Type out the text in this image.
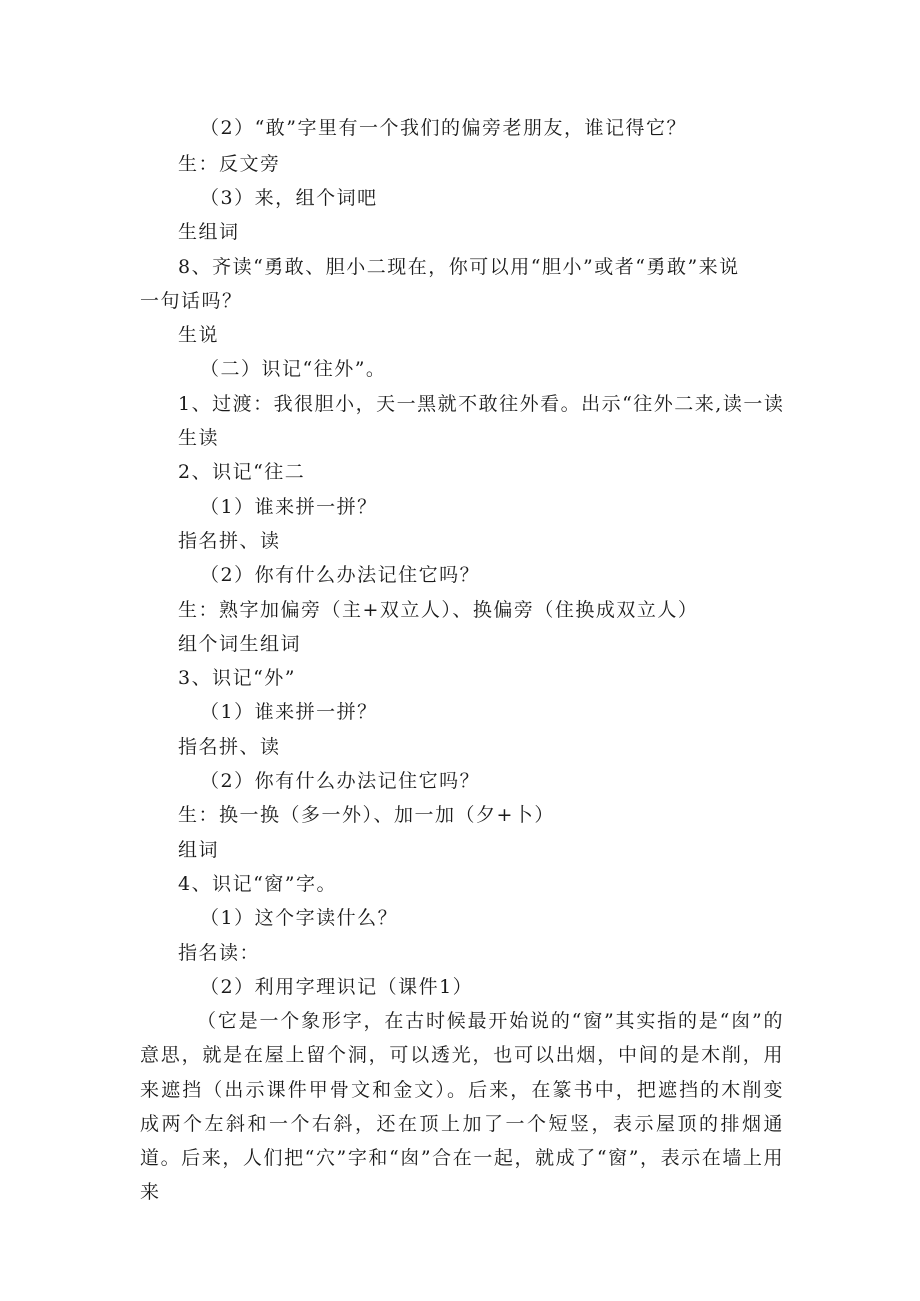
（2）“敢”字里有一个我们的偏旁老朋友，谁记得它？
生：反文旁
（3）来，组个词吧
生组词
8、齐读“勇敢、胆小二现在，你可以用“胆小”或者“勇敢”来说
一句话吗？
生说
（二）识记“往外”。
1、过渡：我很胆小，天一黑就不敢往外看。出示“往外二来,读一读
生读
2、识记“往二
（1）谁来拼一拼？
指名拼、读
（2）你有什么办法记住它吗？
生：熟字加偏旁（主+双立人）、换偏旁（住换成双立人）
组个词生组词
3、识记“外”
（1）谁来拼一拼？
指名拼、读
（2）你有什么办法记住它吗？
生：换一换（多一外）、加一加（夕+卜）
组词
4、识记“窗”字。
（1）这个字读什么？
指名读：
（2）利用字理识记（课件1）
（它是一个象形字，在古时候最开始说的“窗”其实指的是“囱”的意思，就是在屋上留个洞，可以透光，也可以出烟，中间的是木削，用来遮挡（出示课件甲骨文和金文）。后来，在篆书中，把遮挡的木削变成两个左斜和一个右斜，还在顶上加了一个短竖，表示屋顶的排烟通道。后来，人们把“穴”字和“囱”合在一起，就成了“窗”，表示在墙上用来
